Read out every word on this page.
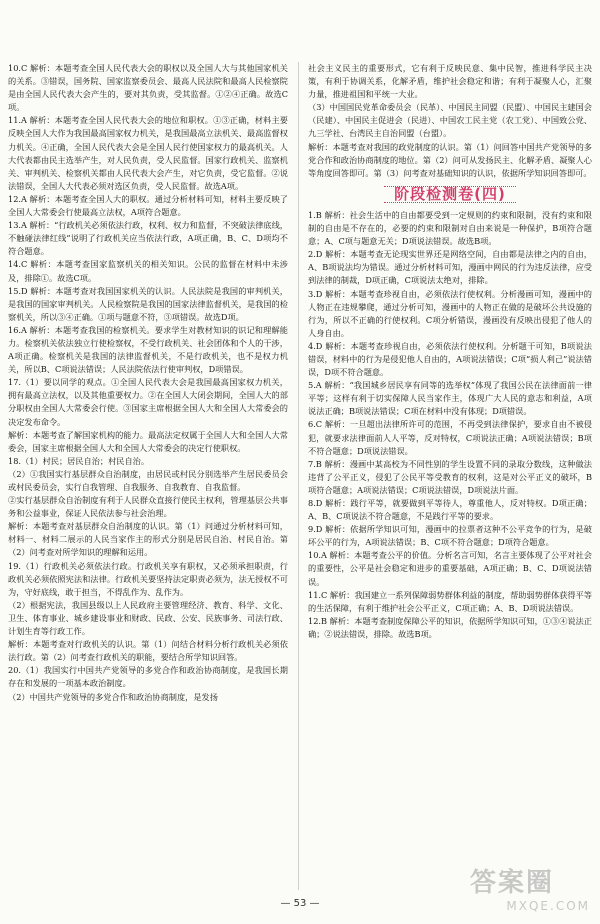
10.C 解析：本题考查全国人民代表大会的职权以及全国人大与其他国家机关的关系。③错误，国务院、国家监察委员会、最高人民法院和最高人民检察院是由全国人民代表大会产生的，要对其负责，受其监督。①②④正确。故选C项。

11.A 解析：本题考查全国人民代表大会的地位和职权。①③正确，材料主要反映全国人大作为我国最高国家权力机关，是我国最高立法机关、最高监督权力机关。④正确，全国人民代表大会是全国人民行使国家权力的最高机关。人大代表都由民主选举产生，对人民负责，受人民监督。国家行政机关、监察机关、审判机关、检察机关都由人民代表大会产生，对它负责，受它监督。②说法错误，全国人大代表必须对选区负责，受人民监督。故选A项。

12.A 解析：本题考查全国人大的职权。通过分析材料可知，材料主要反映了全国人大常委会行使最高立法权，A项符合题意。

13.A 解析：“行政机关必须依法行政，权利、权力和监督，不突破法律底线，不触碰法律红线”说明了行政机关应当依法行政，A项正确，B、C、D项均不符合题意。

14.C 解析：本题考查国家监察机关的相关知识。公民的监督在材料中未涉及，排除①。故选C项。

15.D 解析：本题考查对我国国家机关的认识。人民法院是我国的审判机关，是我国的国家审判机关。人民检察院是我国的国家法律监督机关，是我国的检察机关，所以③④正确。①项与题意不符，③项错误。故选D项。

16.A 解析：本题考查我国的检察机关。要求学生对教材知识的识记和理解能力。检察机关依法独立行使检察权，不受行政机关、社会团体和个人的干涉，A项正确。检察机关是我国的法律监督机关，不是行政机关，也不是权力机关，所以B、C项说法错误；人民法院依法行使审判权，D项错误。

17.（1）要以同学的观点。①全国人民代表大会是我国最高国家权力机关，拥有最高立法权，以及其他重要权力。②在全国人大闭会期间，全国人大的部分职权由全国人大常委会行使。③国家主席根据全国人大和全国人大常委会的决定发布命令。

解析：本题考查了解国家机构的能力。最高法定权属于全国人大和全国人大常委会，国家主席根据全国人大和全国人大常委会的决定行使职权。

18.（1）村民；居民自治；村民自治。

（2）①我国实行基层群众自治制度，由居民或村民分别选举产生居民委员会或村民委员会，实行自我管理、自我服务、自我教育、自我监督。

②实行基层群众自治制度有利于人民群众直接行使民主权利，管理基层公共事务和公益事业，保证人民依法参与社会治理。

解析：本题考查对基层群众自治制度的认识。第（1）问通过分析材料可知，材料一、材料二展示的人民当家作主的形式分别是居民自治、村民自治。第（2）问考查对所学知识的理解和运用。

19.（1）行政机关必须依法行政。行政机关享有职权，又必须承担职责，行政机关必须依照宪法和法律。行政机关要坚持法定职责必须为，法无授权不可为，守好底线，敢于担当，不得乱作为、乱作为。

（2）根据宪法，我国县级以上人民政府主要管理经济、教育、科学、文化、卫生、体育事业、城乡建设事业和财政、民政、公安、民族事务、司法行政、计划生育等行政工作。

解析：本题考查对行政机关的认识。第（1）问结合材料分析行政机关必须依法行政。第（2）问考查行政机关的职能，要结合所学知识回答。

20.（1）我国实行中国共产党领导的多党合作和政治协商制度，是我国长期存在和发展的一项基本政治制度。

（2）中国共产党领导的多党合作和政治协商制度，是发扬

社会主义民主的重要形式，它有利于反映民意、集中民智，推进科学民主决策，有利于协调关系，化解矛盾，维护社会稳定和谐；有利于凝聚人心，汇聚力量，推进祖国和平统一大业。

（3）中国国民党革命委员会（民革）、中国民主同盟（民盟）、中国民主建国会（民建）、中国民主促进会（民进）、中国农工民主党（农工党）、中国致公党、九三学社、台湾民主自治同盟（台盟）。

解析：本题考查对我国的政党制度的认识。第（1）问回答中国共产党领导的多党合作和政治协商制度的地位。第（2）问可从发扬民主、化解矛盾、凝聚人心等角度回答即可。第（3）问考查对基础知识的认识，依据所学知识回答即可。

阶段检测卷(四)

1.B 解析：社会生活中的自由都要受到一定规则的约束和限制，没有约束和限制的自由是不存在的，必要的约束和限制对自由来说是一种保护，B项符合题意；A、C项与题意无关；D项说法错误。故选B项。

2.D 解析：本题考查无论现实世界还是网络空间，自由都是法律之内的自由，A、B项说法均为错误。通过分析材料可知，漫画中网民的行为违反法律，应受到法律的制裁，D项正确，C项说法太绝对，排除。

3.D 解析：本题考查珍视自由，必须依法行使权利。分析漫画可知，漫画中的人物正在违规攀爬，通过分析可知，漫画中的人物正在做的是破坏公共设施的行为，所以不正确的行使权利。C项分析错误，漫画没有反映出侵犯了他人的人身自由。

4.D 解析：本题考查珍视自由，必须依法行使权利。分析题干可知，B项说法错误，材料中的行为是侵犯他人自由的，A项说法错误；C项“损人利己”说法错误，D项不符合题意。

5.A 解析：“我国城乡居民享有同等的选举权”体现了我国公民在法律面前一律平等；这样有利于切实保障人民当家作主，体现广大人民的意志和利益，A项说法正确；B项说法错误；C项在材料中没有体现；D项错误。

6.C 解析：一旦超出法律所许可的范围，不再受到法律保护，要求自由不被侵犯，就要求法律面前人人平等，反对特权，C项说法正确；A项说法错误；B项不符合题意；D项说法错误。

7.B 解析：漫画中某高校为不同性别的学生设置不同的录取分数线，这种做法违背了公平正义，侵犯了公民平等受教育的权利，这是对公平正义的破坏，B项符合题意；A项说法错误；C项说法错误，D项说法片面。

8.D 解析：践行平等，就要做到平等待人，尊重他人，反对特权。D项正确；A、B、C项说法不符合题意，不是践行平等的要求。

9.D 解析：依据所学知识可知，漫画中的拉票者这种不公平竞争的行为，是破坏公平的行为，A项说法错误；B、C项不符合题意；D项符合题意。

10.A 解析：本题考查公平的价值。分析名言可知，名言主要体现了公平对社会的重要性，公平是社会稳定和进步的重要基础，A项正确；B、C、D项说法错误。

11.C 解析：我国建立一系列保障弱势群体利益的制度，帮助弱势群体获得平等的生活保障，有利于维护社会公平正义，C项正确；A、B、D项说法错误。

12.B 解析：本题考查制度保障公平的知识，依据所学知识可知，①③④说法正确；②说法错误，排除。故选B项。

— 53 —
答案圈
MXQE.COM
